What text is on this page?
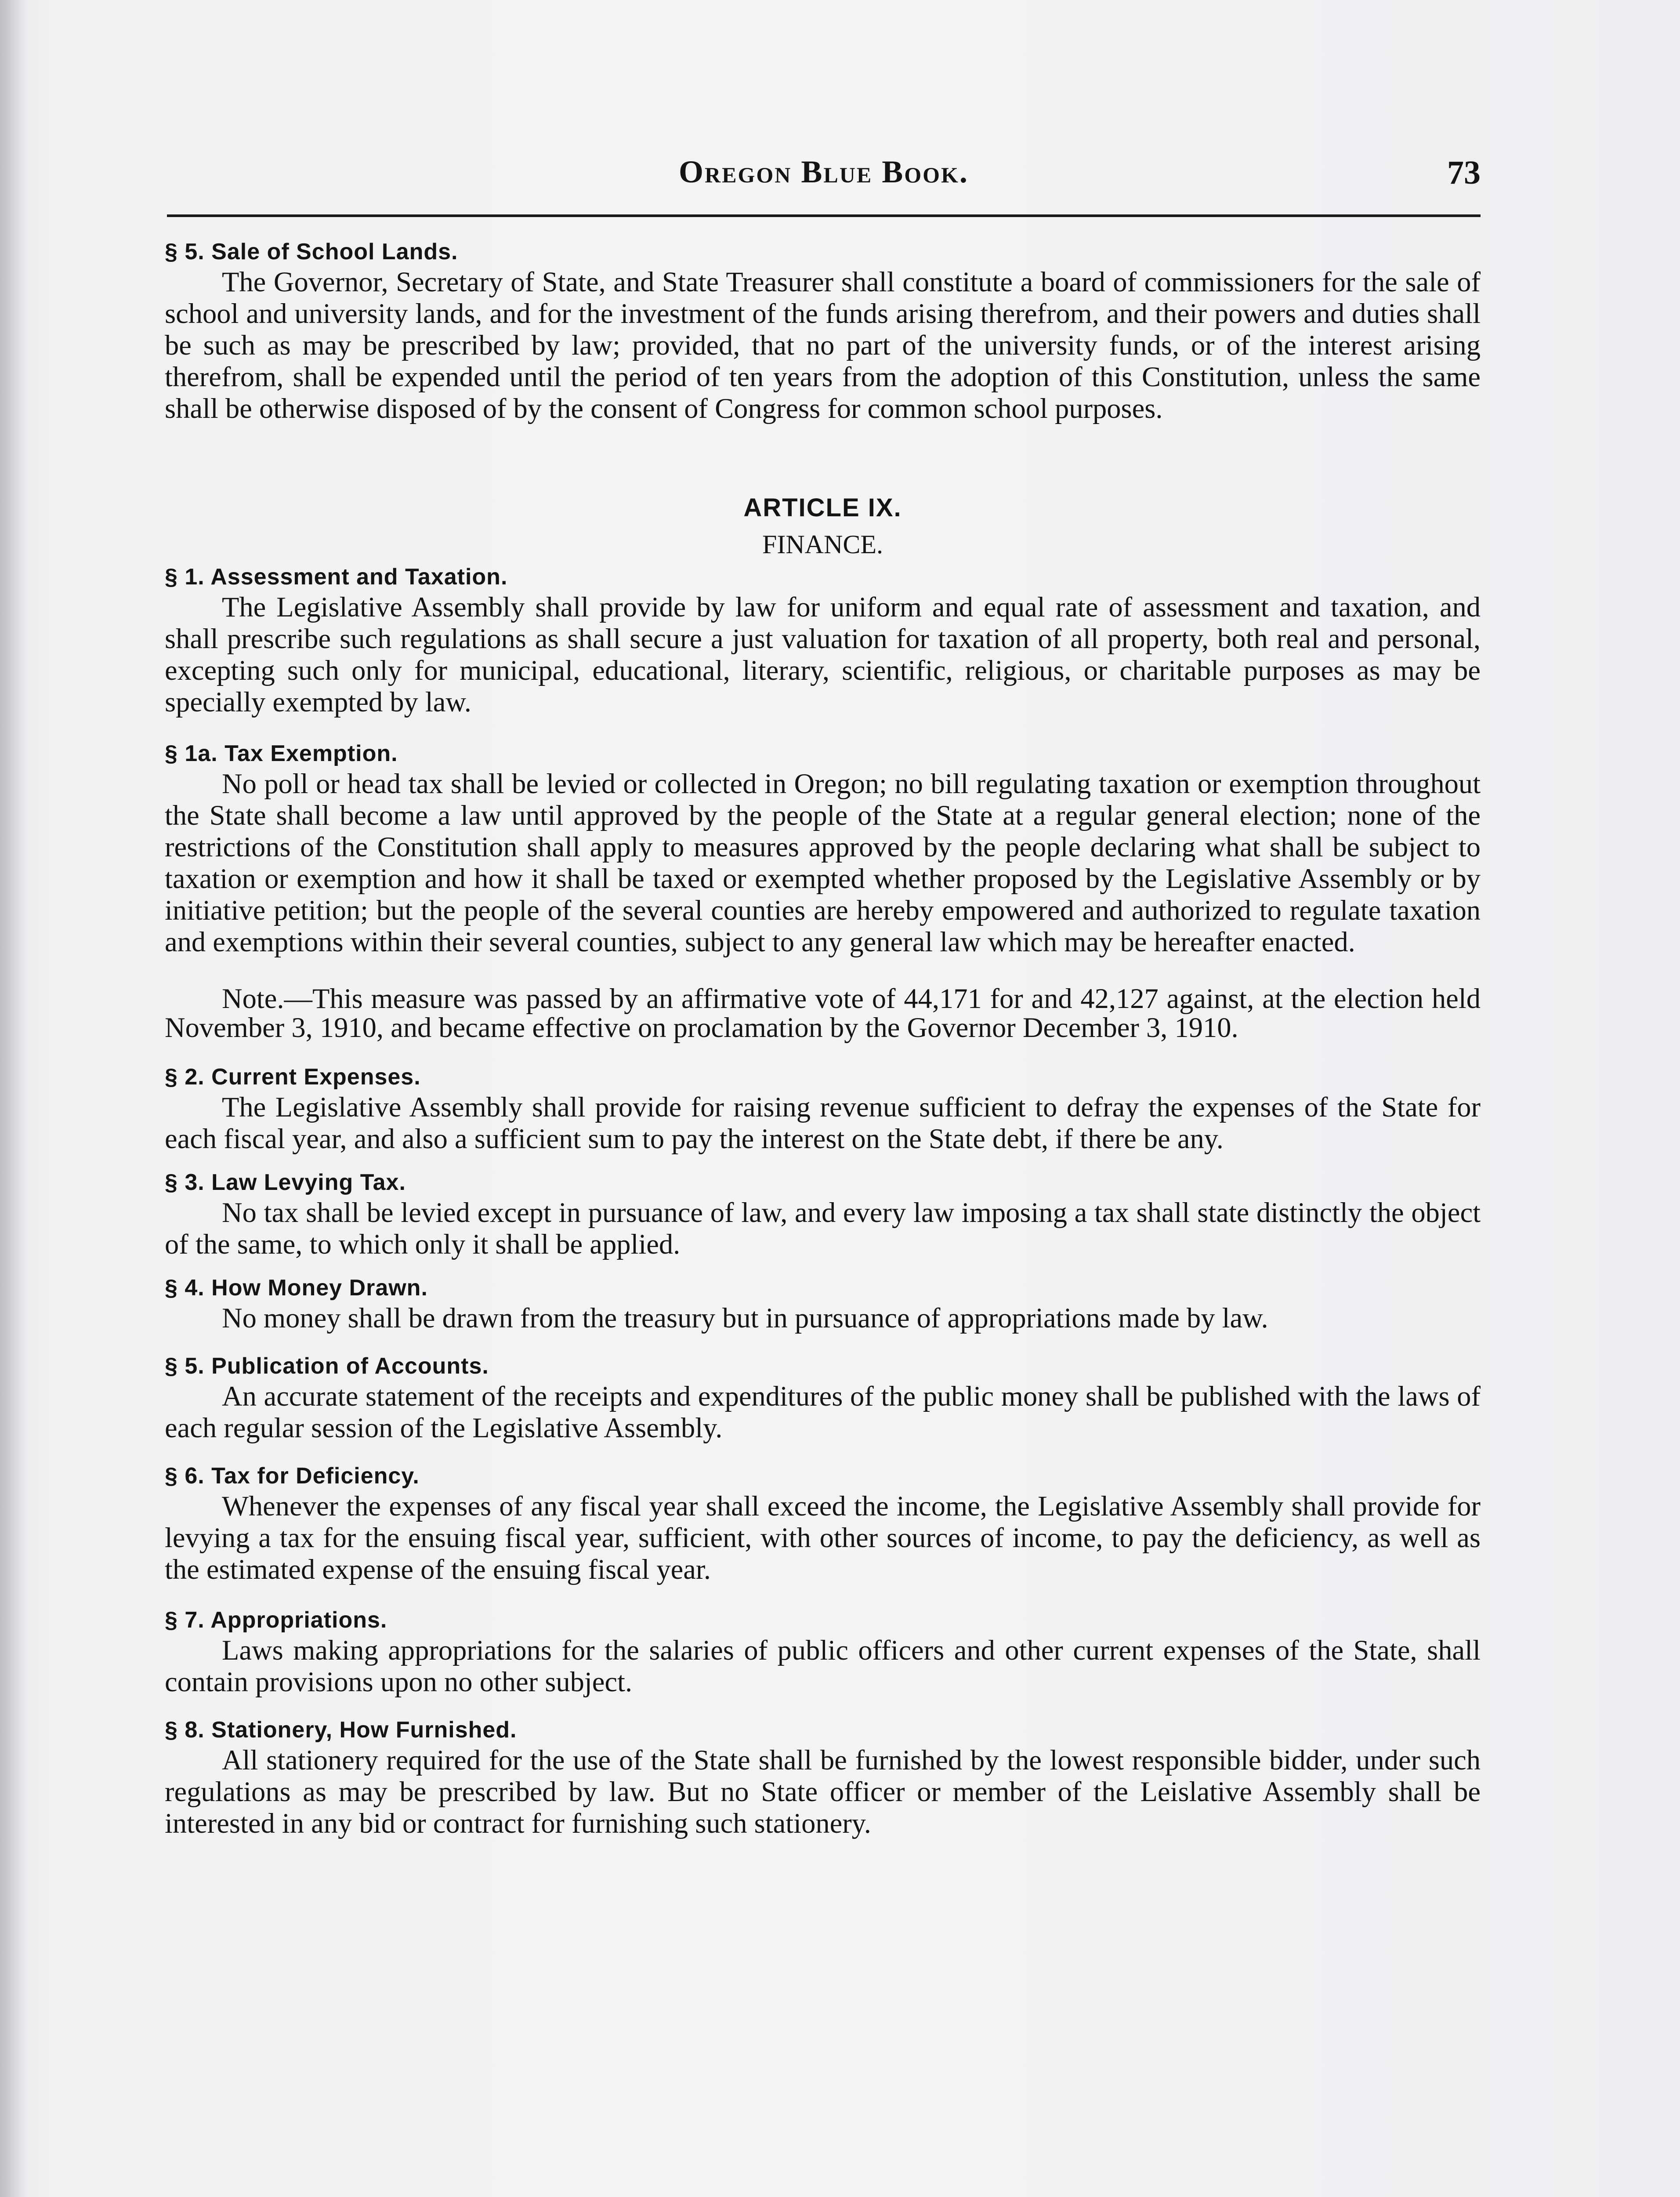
Oregon Blue Book.	73
§ 5. Sale of School Lands.

The Governor, Secretary of State, and State Treasurer shall constitute a board of commissioners for the sale of school and university lands, and for the investment of the funds arising therefrom, and their powers and duties shall be such as may be prescribed by law; provided, that no part of the university funds, or of the interest arising therefrom, shall be expended until the period of ten years from the adoption of this Constitution, unless the same shall be otherwise disposed of by the consent of Congress for common school purposes.

ARTICLE IX.
FINANCE.
§ 1. Assessment and Taxation.

The Legislative Assembly shall provide by law for uniform and equal rate of assessment and taxation, and shall prescribe such regulations as shall secure a just valuation for taxation of all property, both real and personal, excepting such only for municipal, educational, literary, scientific, religious, or charitable purposes as may be specially exempted by law.

§ 1a. Tax Exemption.

No poll or head tax shall be levied or collected in Oregon; no bill regulating taxation or exemption throughout the State shall become a law until approved by the people of the State at a regular general election; none of the restrictions of the Constitution shall apply to measures approved by the people declaring what shall be subject to taxation or exemption and how it shall be taxed or exempted whether proposed by the Legislative Assembly or by initiative petition; but the people of the several counties are hereby empowered and authorized to regulate taxation and exemptions within their several counties, subject to any general law which may be hereafter enacted.

Note.—This measure was passed by an affirmative vote of 44,171 for and 42,127 against, at the election held November 3, 1910, and became effective on proclamation by the Governor December 3, 1910.

§ 2. Current Expenses.

The Legislative Assembly shall provide for raising revenue sufficient to defray the expenses of the State for each fiscal year, and also a sufficient sum to pay the interest on the State debt, if there be any.

§ 3. Law Levying Tax.

No tax shall be levied except in pursuance of law, and every law imposing a tax shall state distinctly the object of the same, to which only it shall be applied.

§ 4. How Money Drawn.

No money shall be drawn from the treasury but in pursuance of appropriations made by law.

§ 5. Publication of Accounts.

An accurate statement of the receipts and expenditures of the public money shall be published with the laws of each regular session of the Legislative Assembly.

§ 6. Tax for Deficiency.

Whenever the expenses of any fiscal year shall exceed the income, the Legislative Assembly shall provide for levying a tax for the ensuing fiscal year, sufficient, with other sources of income, to pay the deficiency, as well as the estimated expense of the ensuing fiscal year.

§ 7. Appropriations.

Laws making appropriations for the salaries of public officers and other current expenses of the State, shall contain provisions upon no other subject.

§ 8. Stationery, How Furnished.

All stationery required for the use of the State shall be furnished by the lowest responsible bidder, under such regulations as may be prescribed by law. But no State officer or member of the Leislative Assembly shall be interested in any bid or contract for furnishing such stationery.
